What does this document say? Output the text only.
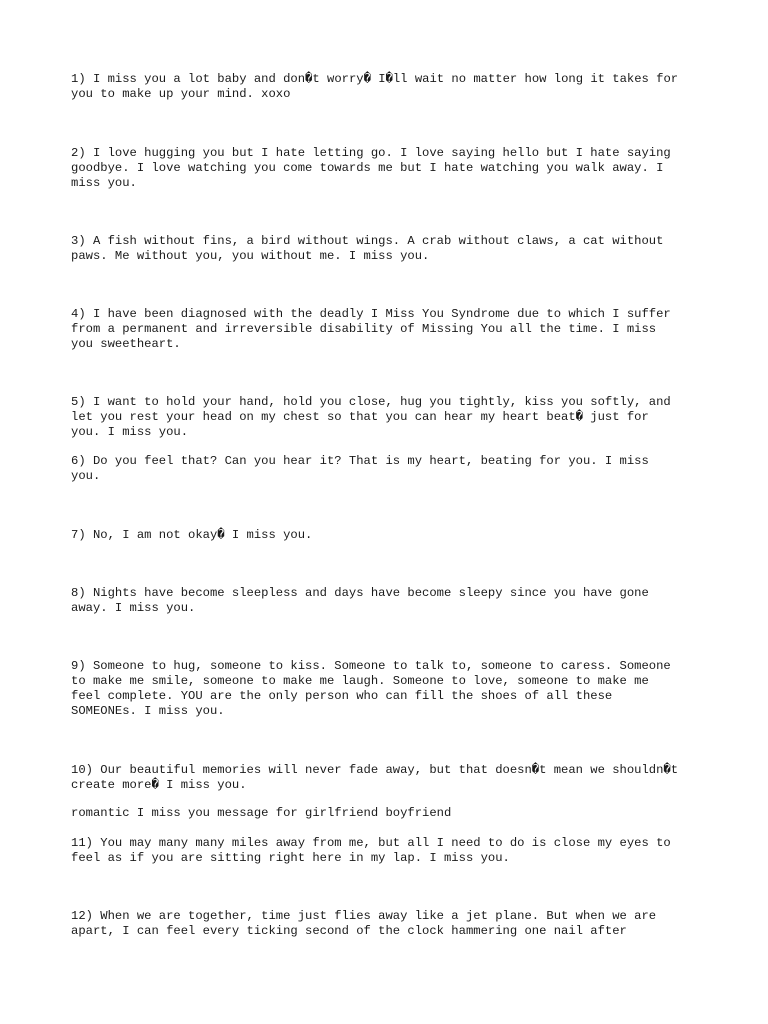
1) I miss you a lot baby and don�t worry� I�ll wait no matter how long it takes for
you to make up your mind. xoxo

2) I love hugging you but I hate letting go. I love saying hello but I hate saying
goodbye. I love watching you come towards me but I hate watching you walk away. I
miss you.

3) A fish without fins, a bird without wings. A crab without claws, a cat without
paws. Me without you, you without me. I miss you.

4) I have been diagnosed with the deadly I Miss You Syndrome due to which I suffer
from a permanent and irreversible disability of Missing You all the time. I miss
you sweetheart.

5) I want to hold your hand, hold you close, hug you tightly, kiss you softly, and
let you rest your head on my chest so that you can hear my heart beat� just for
you. I miss you.

6) Do you feel that? Can you hear it? That is my heart, beating for you. I miss
you.

7) No, I am not okay� I miss you.

8) Nights have become sleepless and days have become sleepy since you have gone
away. I miss you.

9) Someone to hug, someone to kiss. Someone to talk to, someone to caress. Someone
to make me smile, someone to make me laugh. Someone to love, someone to make me
feel complete. YOU are the only person who can fill the shoes of all these
SOMEONEs. I miss you.

10) Our beautiful memories will never fade away, but that doesn�t mean we shouldn�t
create more� I miss you.

romantic I miss you message for girlfriend boyfriend

11) You may many many miles away from me, but all I need to do is close my eyes to
feel as if you are sitting right here in my lap. I miss you.

12) When we are together, time just flies away like a jet plane. But when we are
apart, I can feel every ticking second of the clock hammering one nail after
